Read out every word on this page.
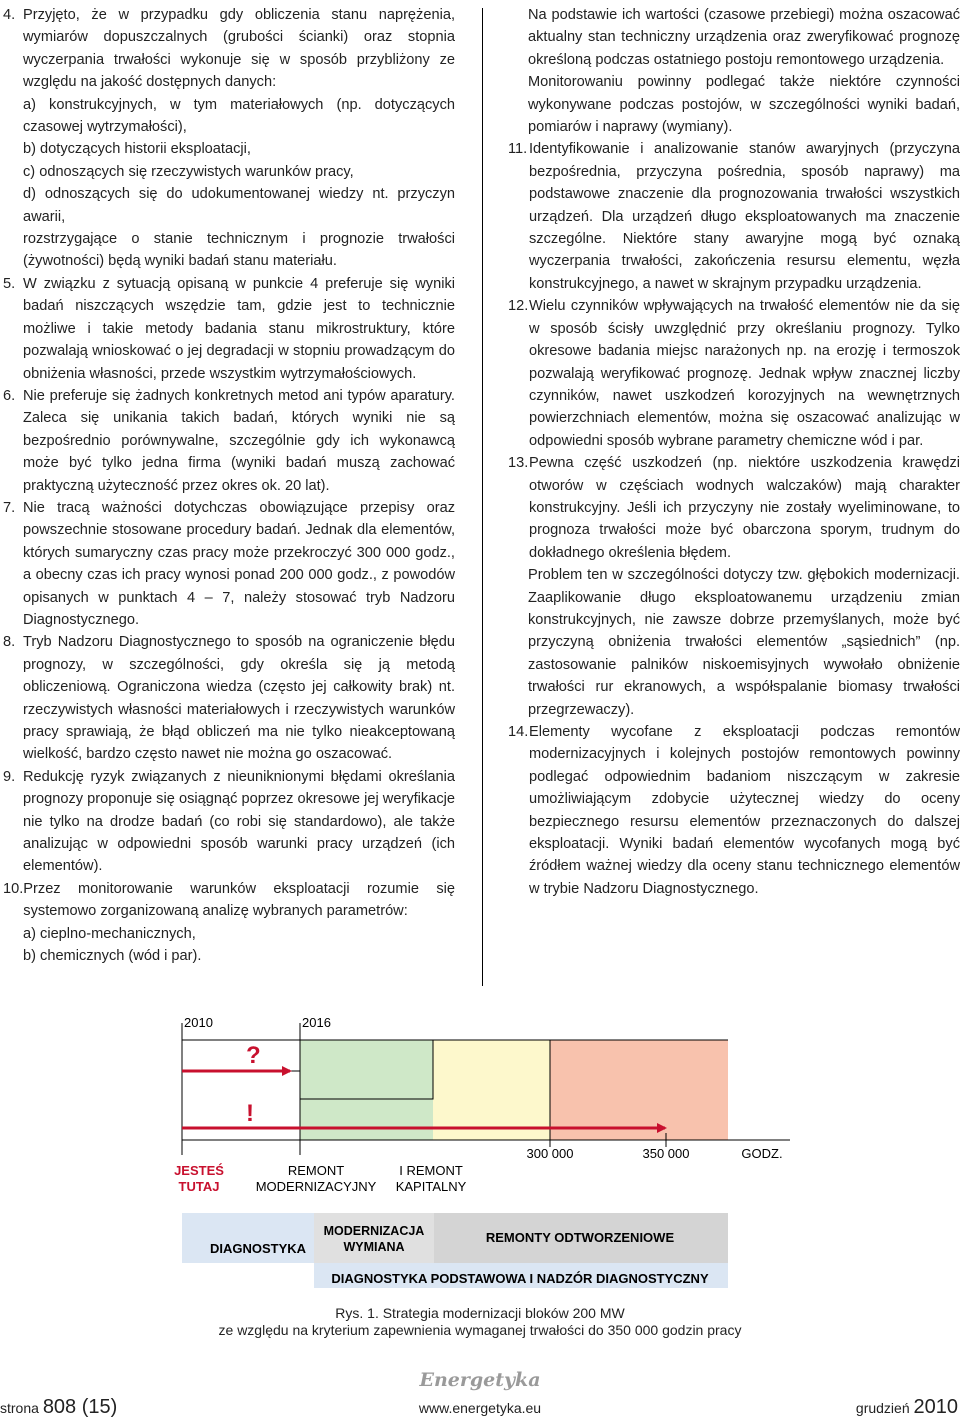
4. Przyjęto, że w przypadku gdy obliczenia stanu naprężenia, wymiarów dopuszczalnych (grubości ścianki) oraz stopnia wyczerpania trwałości wykonuje się w sposób przybliżony ze względu na jakość dostępnych danych:
a) konstrukcyjnych, w tym materiałowych (np. dotyczących czasowej wytrzymałości),
b) dotyczących historii eksploatacji,
c) odnoszących się rzeczywistych warunków pracy,
d) odnoszących się do udokumentowanej wiedzy nt. przyczyn awarii,
rozstrzygające o stanie technicznym i prognozie trwałości (żywotności) będą wyniki badań stanu materiału.
5. W związku z sytuacją opisaną w punkcie 4 preferuje się wyniki badań niszczących wszędzie tam, gdzie jest to technicznie możliwe i takie metody badania stanu mikrostruktury, które pozwalają wnioskować o jej degradacji w stopniu prowadzącym do obniżenia własności, przede wszystkim wytrzymałościowych.
6. Nie preferuje się żadnych konkretnych metod ani typów aparatury. Zaleca się unikania takich badań, których wyniki nie są bezpośrednio porównywalne, szczególnie gdy ich wykonawcą może być tylko jedna firma (wyniki badań muszą zachować praktyczną użyteczność przez okres ok. 20 lat).
7. Nie tracą ważności dotychczas obowiązujące przepisy oraz powszechnie stosowane procedury badań. Jednak dla elementów, których sumaryczny czas pracy może przekroczyć 300 000 godz., a obecny czas ich pracy wynosi ponad 200 000 godz., z powodów opisanych w punktach 4 – 7, należy stosować tryb Nadzoru Diagnostycznego.
8. Tryb Nadzoru Diagnostycznego to sposób na ograniczenie błędu prognozy, w szczególności, gdy określa się ją metodą obliczeniową. Ograniczona wiedza (często jej całkowity brak) nt. rzeczywistych własności materiałowych i rzeczywistych warunków pracy sprawiają, że błąd obliczeń ma nie tylko nieakceptowaną wielkość, bardzo często nawet nie można go oszacować.
9. Redukcję ryzyk związanych z nieuniknionymi błędami określania prognozy proponuje się osiągnąć poprzez okresowe jej weryfikacje nie tylko na drodze badań (co robi się standardowo), ale także analizując w odpowiedni sposób warunki pracy urządzeń (ich elementów).
10. Przez monitorowanie warunków eksploatacji rozumie się systemowo zorganizowaną analizę wybranych parametrów:
a) cieplno-mechanicznych,
b) chemicznych (wód i par).
Na podstawie ich wartości (czasowe przebiegi) można oszacować aktualny stan techniczny urządzenia oraz zweryfikować prognozę określoną podczas ostatniego postoju remontowego urządzenia.
Monitorowaniu powinny podlegać także niektóre czynności wykonywane podczas postojów, w szczególności wyniki badań, pomiarów i naprawy (wymiany).
11. Identyfikowanie i analizowanie stanów awaryjnych (przyczyna bezpośrednia, przyczyna pośrednia, sposób naprawy) ma podstawowe znaczenie dla prognozowania trwałości wszystkich urządzeń. Dla urządzeń długo eksploatowanych ma znaczenie szczególne. Niektóre stany awaryjne mogą być oznaką wyczerpania trwałości, zakończenia resursu elementu, węzła konstrukcyjnego, a nawet w skrajnym przypadku urządzenia.
12. Wielu czynników wpływających na trwałość elementów nie da się w sposób ścisły uwzględnić przy określaniu prognozy. Tylko okresowe badania miejsc narażonych np. na erozję i termoszok pozwalają weryfikować prognozę. Jednak wpływ znacznej liczby czynników, nawet uszkodzeń korozyjnych na wewnętrznych powierzchniach elementów, można się oszacować analizując w odpowiedni sposób wybrane parametry chemiczne wód i par.
13. Pewna część uszkodzeń (np. niektóre uszkodzenia krawędzi otworów w częściach wodnych walczaków) mają charakter konstrukcyjny. Jeśli ich przyczyny nie zostały wyeliminowane, to prognoza trwałości może być obarczona sporym, trudnym do dokładnego określenia błędem.
Problem ten w szczególności dotyczy tzw. głębokich modernizacji. Zaaplikowanie długo eksploatowanemu urządzeniu zmian konstrukcyjnych, nie zawsze dobrze przemyślanych, może być przyczyną obniżenia trwałości elementów „sąsiednich” (np. zastosowanie palników niskoemisyjnych wywołało obniżenie trwałości rur ekranowych, a współspalanie biomasy trwałości przegrzewaczy).
14. Elementy wycofane z eksploatacji podczas remontów modernizacyjnych i kolejnych postojów remontowych powinny podlegać odpowiednim badaniom niszczącym w zakresie umożliwiającym zdobycie użytecznej wiedzy do oceny bezpiecznego resursu elementów przeznaczonych do dalszej eksploatacji. Wyniki badań elementów wycofanych mogą być źródłem ważnej wiedzy dla oceny stanu technicznego elementów w trybie Nadzoru Diagnostycznego.
2010	2016
?
!
JESTEŚ
TUTAJ
REMONT
MODERNIZACYJNY
I REMONT
KAPITALNY
300 000	350 000	GODZ.
DIAGNOSTYKA
MODERNIZACJA
WYMIANA
REMONTY ODTWORZENIOWE
DIAGNOSTYKA PODSTAWOWA I NADZÓR DIAGNOSTYCZNY
Rys. 1. Strategia modernizacji bloków 200 MW
ze względu na kryterium zapewnienia wymaganej trwałości do 350 000 godzin pracy
Energetyka
strona 808 (15)	www.energetyka.eu	grudzień 2010
